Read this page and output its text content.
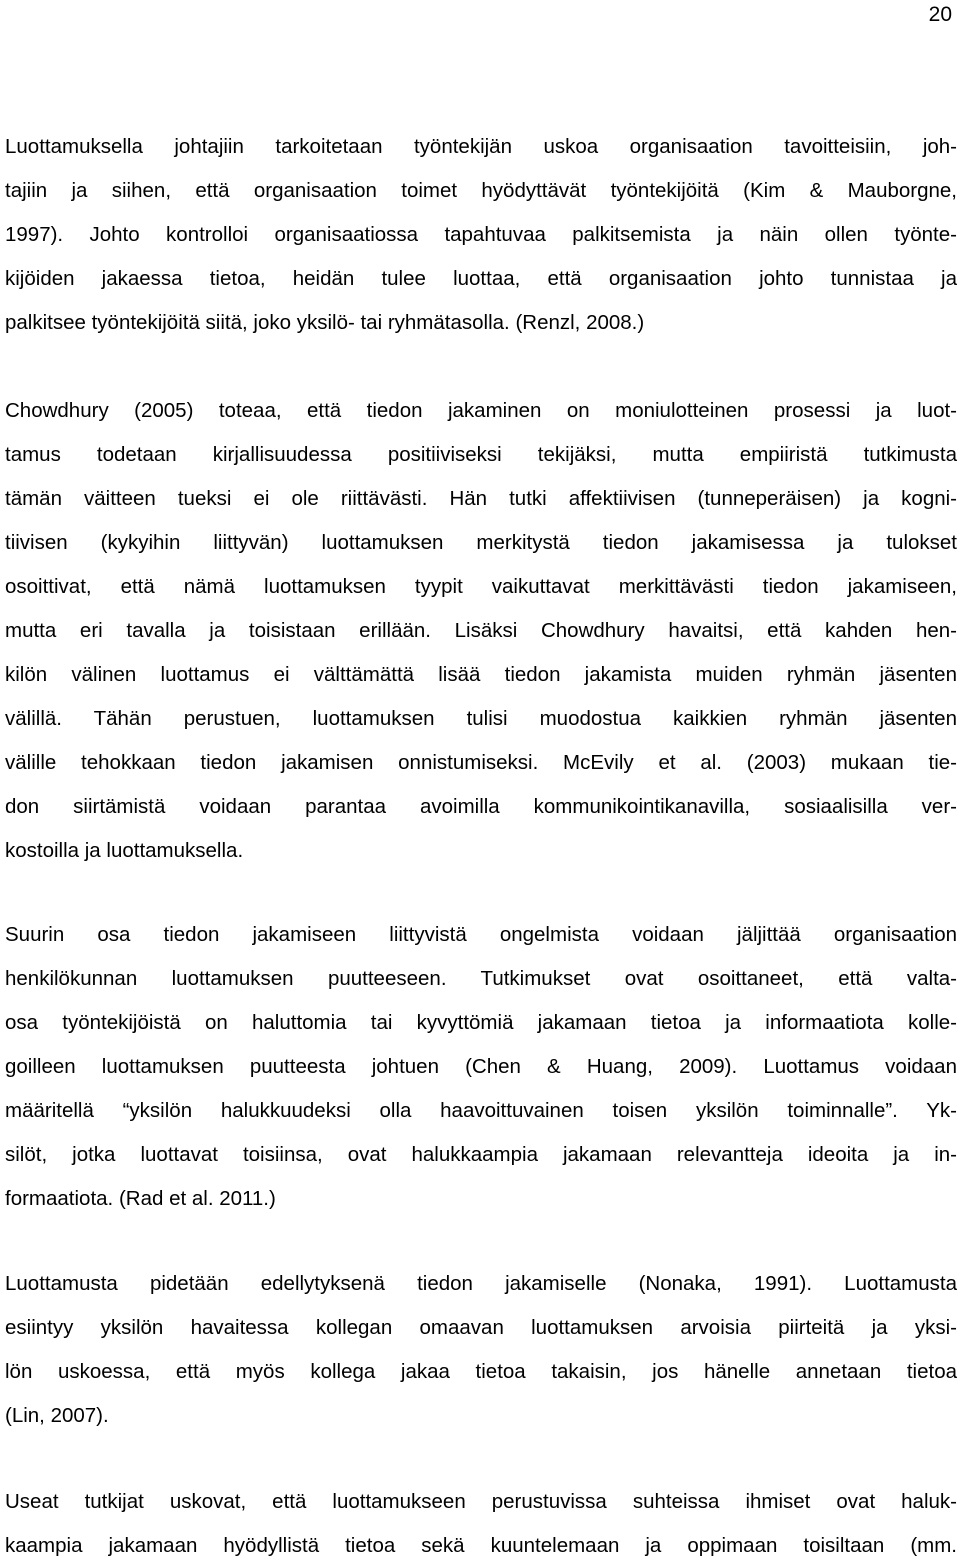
20
Luottamuksella johtajiin tarkoitetaan työntekijän uskoa organisaation tavoitteisiin, joh-
tajiin ja siihen, että organisaation toimet hyödyttävät työntekijöitä (Kim & Mauborgne,
1997). Johto kontrolloi organisaatiossa tapahtuvaa palkitsemista ja näin ollen työnte-
kijöiden jakaessa tietoa, heidän tulee luottaa, että organisaation johto tunnistaa ja
palkitsee työntekijöitä siitä, joko yksilö- tai ryhmätasolla. (Renzl, 2008.)
Chowdhury (2005) toteaa, että tiedon jakaminen on moniulotteinen prosessi ja luot-
tamus todetaan kirjallisuudessa positiiviseksi tekijäksi, mutta empiiristä tutkimusta
tämän väitteen tueksi ei ole riittävästi. Hän tutki affektiivisen (tunneperäisen) ja kogni-
tiivisen (kykyihin liittyvän) luottamuksen merkitystä tiedon jakamisessa ja tulokset
osoittivat, että nämä luottamuksen tyypit vaikuttavat merkittävästi tiedon jakamiseen,
mutta eri tavalla ja toisistaan erillään. Lisäksi Chowdhury havaitsi, että kahden hen-
kilön välinen luottamus ei välttämättä lisää tiedon jakamista muiden ryhmän jäsenten
välillä. Tähän perustuen, luottamuksen tulisi muodostua kaikkien ryhmän jäsenten
välille tehokkaan tiedon jakamisen onnistumiseksi. McEvily et al. (2003) mukaan tie-
don siirtämistä voidaan parantaa avoimilla kommunikointikanavilla, sosiaalisilla ver-
kostoilla ja luottamuksella.
Suurin osa tiedon jakamiseen liittyvistä ongelmista voidaan jäljittää organisaation
henkilökunnan luottamuksen puutteeseen. Tutkimukset ovat osoittaneet, että valta-
osa työntekijöistä on haluttomia tai kyvyttömiä jakamaan tietoa ja informaatiota kolle-
goilleen luottamuksen puutteesta johtuen (Chen & Huang, 2009). Luottamus voidaan
määritellä “yksilön halukkuudeksi olla haavoittuvainen toisen yksilön toiminnalle”. Yk-
silöt, jotka luottavat toisiinsa, ovat halukkaampia jakamaan relevantteja ideoita ja in-
formaatiota. (Rad et al. 2011.)
Luottamusta pidetään edellytyksenä tiedon jakamiselle (Nonaka, 1991). Luottamusta
esiintyy yksilön havaitessa kollegan omaavan luottamuksen arvoisia piirteitä ja yksi-
lön uskoessa, että myös kollega jakaa tietoa takaisin, jos hänelle annetaan tietoa
(Lin, 2007).
Useat tutkijat uskovat, että luottamukseen perustuvissa suhteissa ihmiset ovat haluk-
kaampia jakamaan hyödyllistä tietoa sekä kuuntelemaan ja oppimaan toisiltaan (mm.
